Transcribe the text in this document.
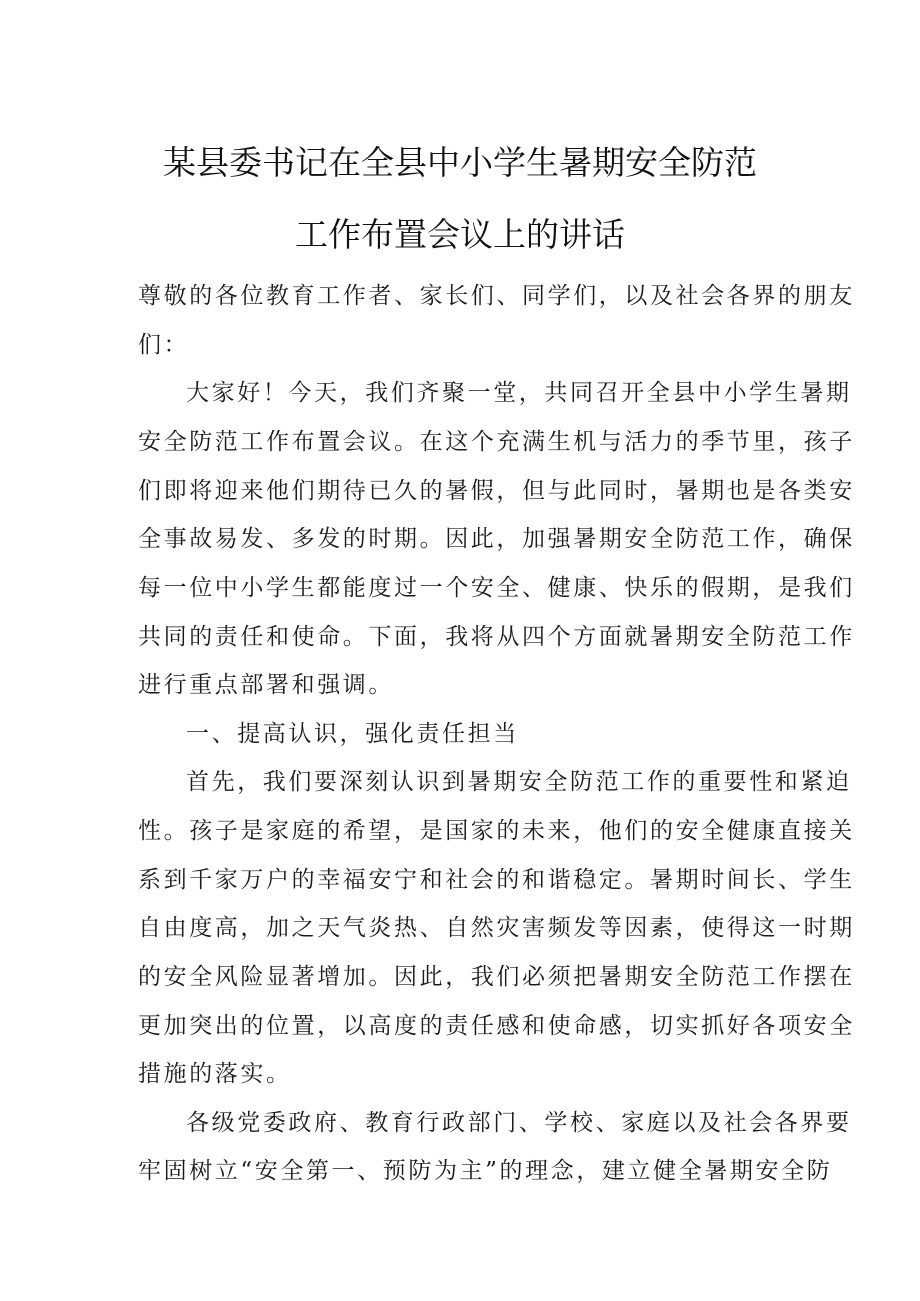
某县委书记在全县中小学生暑期安全防范
工作布置会议上的讲话

尊敬的各位教育工作者、家长们、同学们，以及社会各界的朋友

们：

大家好！今天，我们齐聚一堂，共同召开全县中小学生暑期

安全防范工作布置会议。在这个充满生机与活力的季节里，孩子

们即将迎来他们期待已久的暑假，但与此同时，暑期也是各类安

全事故易发、多发的时期。因此，加强暑期安全防范工作，确保

每一位中小学生都能度过一个安全、健康、快乐的假期，是我们

共同的责任和使命。下面，我将从四个方面就暑期安全防范工作

进行重点部署和强调。

一、提高认识，强化责任担当

首先，我们要深刻认识到暑期安全防范工作的重要性和紧迫

性。孩子是家庭的希望，是国家的未来，他们的安全健康直接关

系到千家万户的幸福安宁和社会的和谐稳定。暑期时间长、学生

自由度高，加之天气炎热、自然灾害频发等因素，使得这一时期

的安全风险显著增加。因此，我们必须把暑期安全防范工作摆在

更加突出的位置，以高度的责任感和使命感，切实抓好各项安全

措施的落实。

各级党委政府、教育行政部门、学校、家庭以及社会各界要

牢固树立“安全第一、预防为主”的理念，建立健全暑期安全防
